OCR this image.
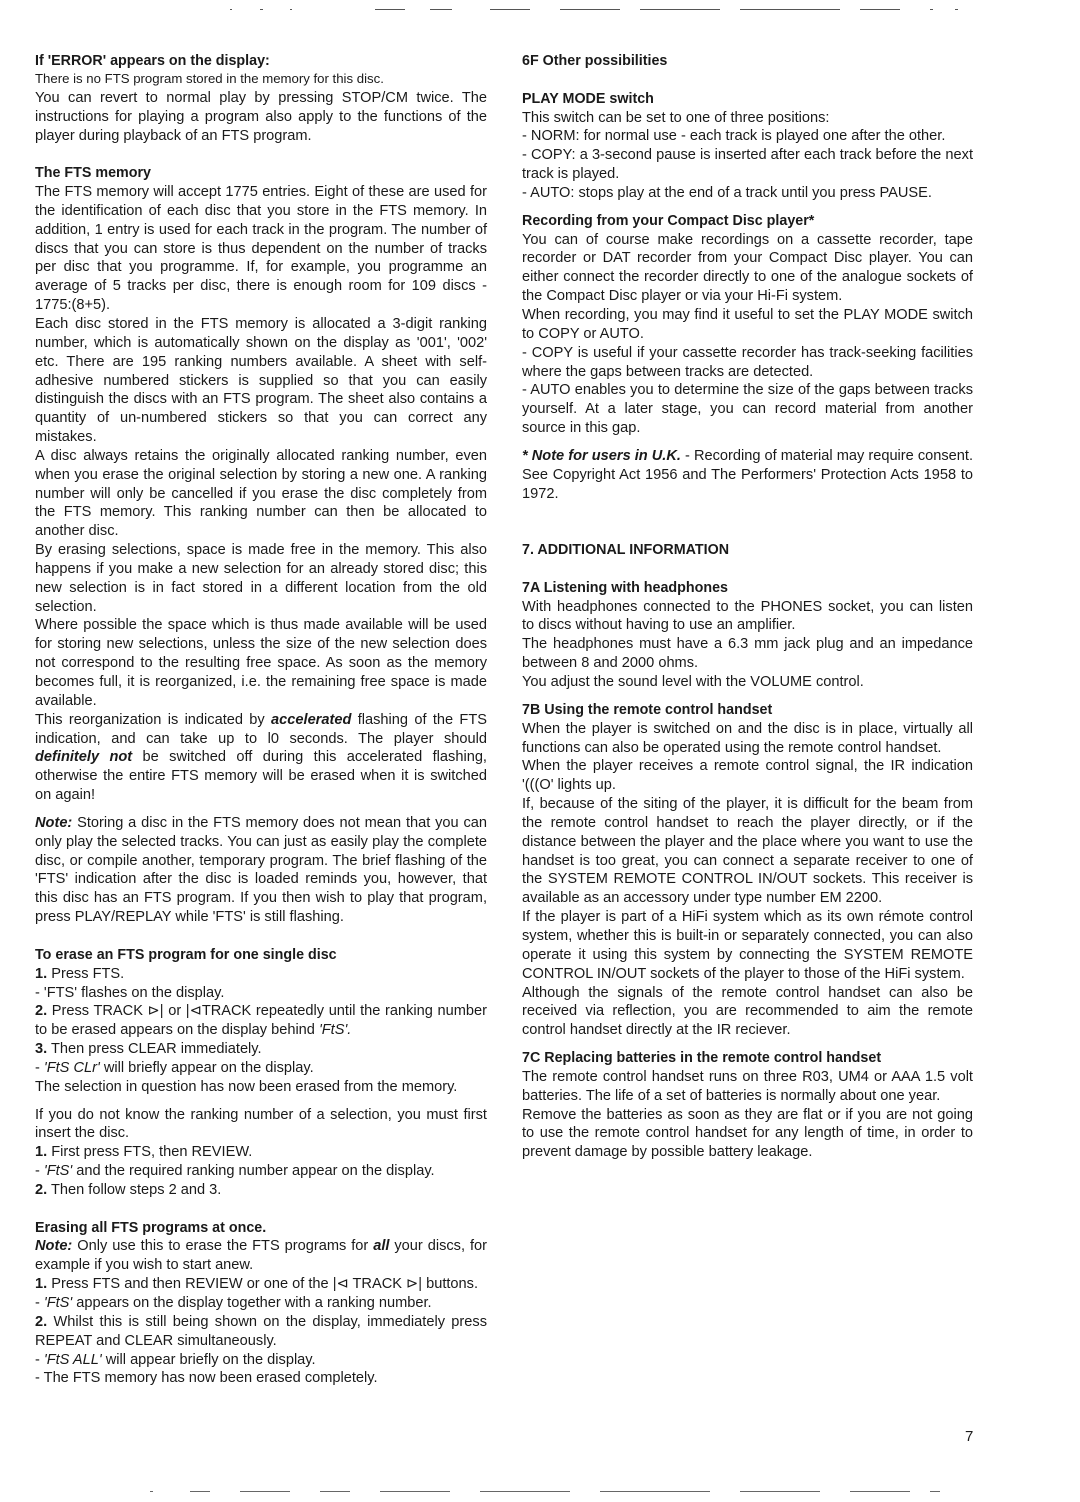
If 'ERROR' appears on the display:

There is no FTS program stored in the memory for this disc.

You can revert to normal play by pressing STOP/CM twice. The instructions for playing a program also apply to the functions of the player during playback of an FTS program.

The FTS memory

The FTS memory will accept 1775 entries. Eight of these are used for the identification of each disc that you store in the FTS memory. In addition, 1 entry is used for each track in the program. The number of discs that you can store is thus dependent on the number of tracks per disc that you programme. If, for example, you programme an average of 5 tracks per disc, there is enough room for 109 discs - 1775:(8+5).

Each disc stored in the FTS memory is allocated a 3-digit ranking number, which is automatically shown on the display as '001', '002' etc. There are 195 ranking numbers available. A sheet with self-adhesive numbered stickers is supplied so that you can easily distinguish the discs with an FTS program. The sheet also contains a quantity of un-numbered stickers so that you can correct any mistakes.

A disc always retains the originally allocated ranking number, even when you erase the original selection by storing a new one. A ranking number will only be cancelled if you erase the disc completely from the FTS memory. This ranking number can then be allocated to another disc.

By erasing selections, space is made free in the memory. This also happens if you make a new selection for an already stored disc; this new selection is in fact stored in a different location from the old selection.

Where possible the space which is thus made available will be used for storing new selections, unless the size of the new selection does not correspond to the resulting free space. As soon as the memory becomes full, it is reorganized, i.e. the remaining free space is made available.

This reorganization is indicated by accelerated flashing of the FTS indication, and can take up to l0 seconds. The player should definitely not be switched off during this accelerated flashing, otherwise the entire FTS memory will be erased when it is switched on again!

Note: Storing a disc in the FTS memory does not mean that you can only play the selected tracks. You can just as easily play the complete disc, or compile another, temporary program. The brief flashing of the 'FTS' indication after the disc is loaded reminds you, however, that this disc has an FTS program. If you then wish to play that program, press PLAY/REPLAY while 'FTS' is still flashing.

To erase an FTS program for one single disc

1. Press FTS.

- 'FTS' flashes on the display.

2. Press TRACK ⊳| or |⊲TRACK repeatedly until the ranking number to be erased appears on the display behind 'FtS'.

3. Then press CLEAR immediately.

- 'FtS CLr' will briefly appear on the display.

The selection in question has now been erased from the memory.

If you do not know the ranking number of a selection, you must first insert the disc.

1. First press FTS, then REVIEW.

- 'FtS' and the required ranking number appear on the display.

2. Then follow steps 2 and 3.

Erasing all FTS programs at once.

Note: Only use this to erase the FTS programs for all your discs, for example if you wish to start anew.

1. Press FTS and then REVIEW or one of the |⊲ TRACK ⊳| buttons.

- 'FtS' appears on the display together with a ranking number.

2. Whilst this is still being shown on the display, immediately press REPEAT and CLEAR simultaneously.

- 'FtS ALL' will appear briefly on the display.

- The FTS memory has now been erased completely.

6F Other possibilities
PLAY MODE switch

This switch can be set to one of three positions:

- NORM: for normal use - each track is played one after the other.

- COPY: a 3-second pause is inserted after each track before the next track is played.

- AUTO: stops play at the end of a track until you press PAUSE.

Recording from your Compact Disc player*

You can of course make recordings on a cassette recorder, tape recorder or DAT recorder from your Compact Disc player. You can either connect the recorder directly to one of the analogue sockets of the Compact Disc player or via your Hi-Fi system.

When recording, you may find it useful to set the PLAY MODE switch to COPY or AUTO.

- COPY is useful if your cassette recorder has track-seeking facilities where the gaps between tracks are detected.

- AUTO enables you to determine the size of the gaps between tracks yourself. At a later stage, you can record material from another source in this gap.

* Note for users in U.K. - Recording of material may require consent. See Copyright Act 1956 and The Performers' Protection Acts 1958 to 1972.

7. ADDITIONAL INFORMATION
7A Listening with headphones

With headphones connected to the PHONES socket, you can listen to discs without having to use an amplifier.

The headphones must have a 6.3 mm jack plug and an impedance between 8 and 2000 ohms.

You adjust the sound level with the VOLUME control.

7B Using the remote control handset

When the player is switched on and the disc is in place, virtually all functions can also be operated using the remote control handset.

When the player receives a remote control signal, the IR indication '(((O' lights up.

If, because of the siting of the player, it is difficult for the beam from the remote control handset to reach the player directly, or if the distance between the player and the place where you want to use the handset is too great, you can connect a separate receiver to one of the SYSTEM REMOTE CONTROL IN/OUT sockets. This receiver is available as an accessory under type number EM 2200.

If the player is part of a HiFi system which as its own rémote control system, whether this is built-in or separately connected, you can also operate it using this system by connecting the SYSTEM REMOTE CONTROL IN/OUT sockets of the player to those of the HiFi system.

Although the signals of the remote control handset can also be received via reflection, you are recommended to aim the remote control handset directly at the IR reciever.

7C Replacing batteries in the remote control handset

The remote control handset runs on three R03, UM4 or AAA 1.5 volt batteries. The life of a set of batteries is normally about one year.

Remove the batteries as soon as they are flat or if you are not going to use the remote control handset for any length of time, in order to prevent damage by possible battery leakage.

7
